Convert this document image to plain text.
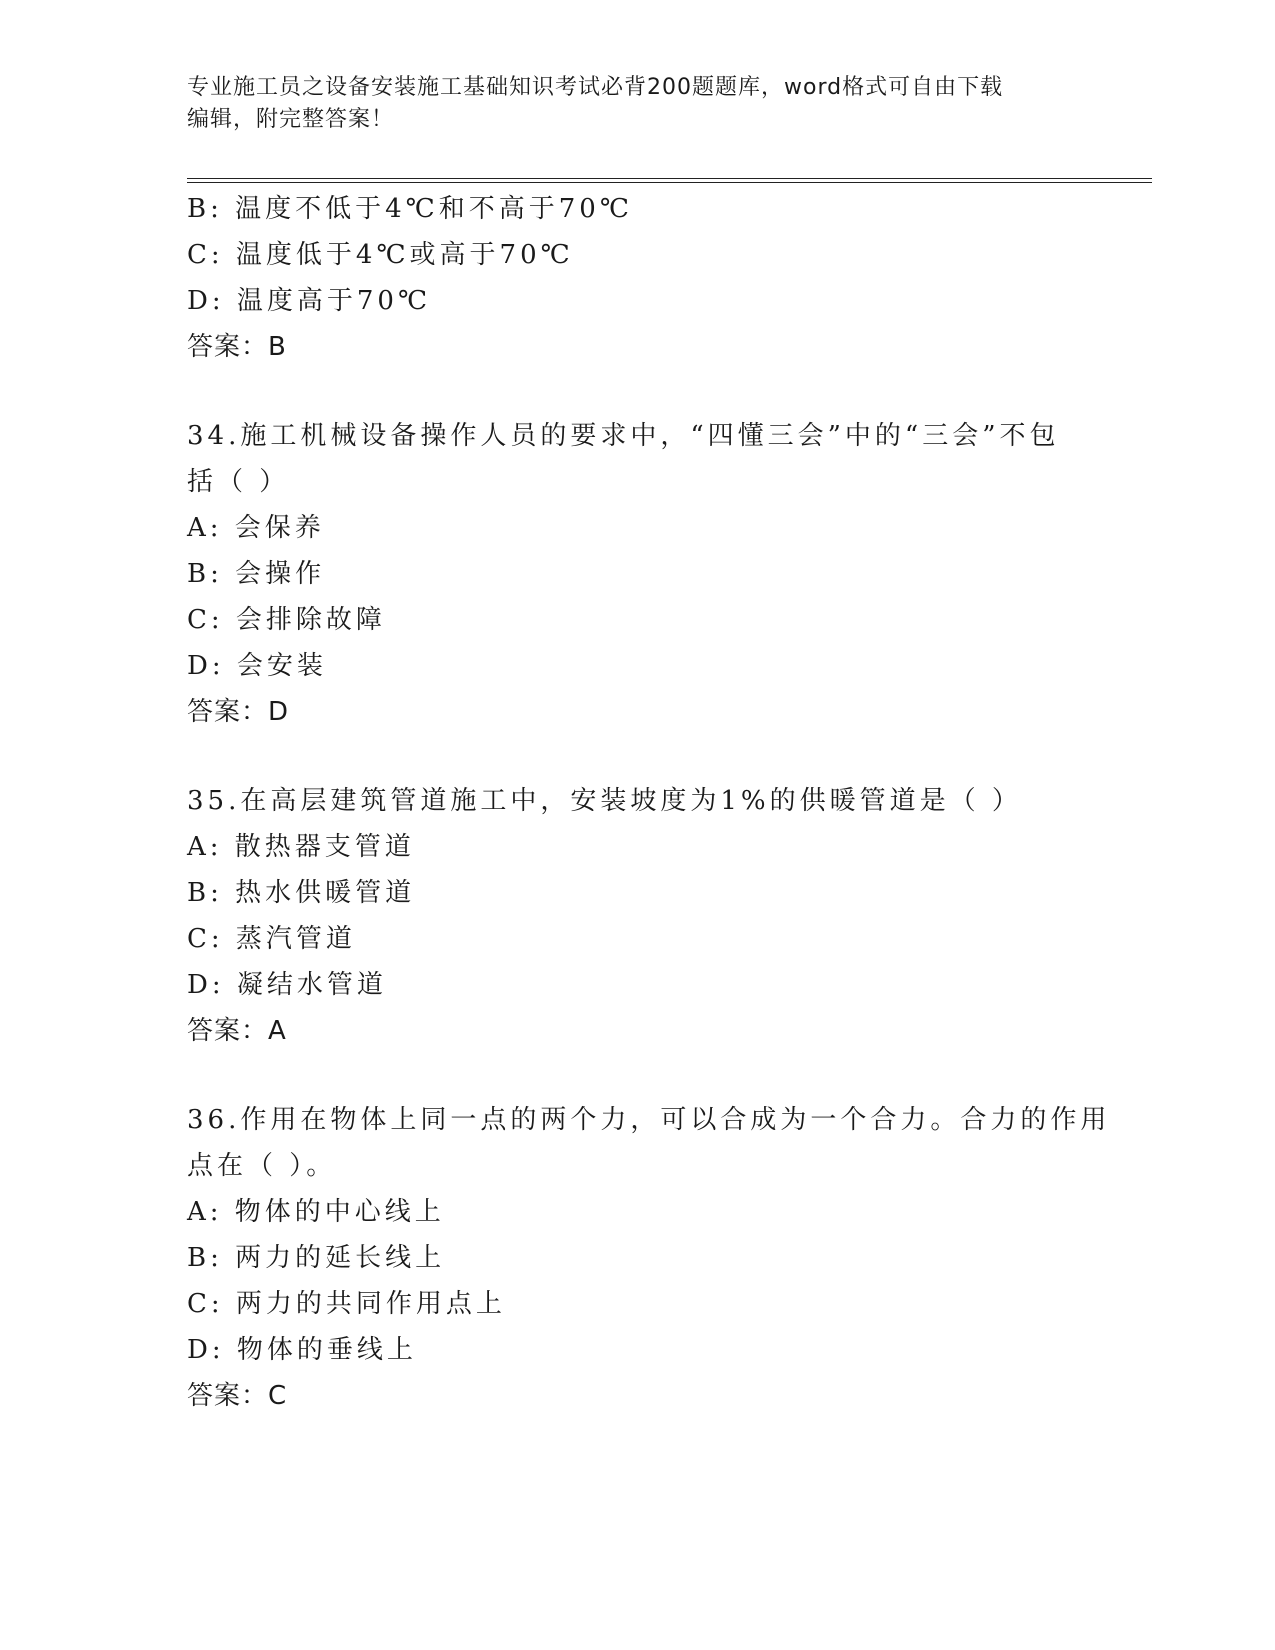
专业施工员之设备安装施工基础知识考试必背200题题库，word格式可自由下载
编辑，附完整答案！
B: 温度不低于4℃和不高于70℃
C: 温度低于4℃或高于70℃
D: 温度高于70℃
答案：B
34.施工机械设备操作人员的要求中，“四懂三会”中的“三会”不包
括（ ）
A: 会保养
B: 会操作
C: 会排除故障
D: 会安装
答案：D
35.在高层建筑管道施工中，安装坡度为1%的供暖管道是（ ）
A: 散热器支管道
B: 热水供暖管道
C: 蒸汽管道
D: 凝结水管道
答案：A
36.作用在物体上同一点的两个力，可以合成为一个合力。合力的作用
点在（ ）。
A: 物体的中心线上
B: 两力的延长线上
C: 两力的共同作用点上
D: 物体的垂线上
答案：C
